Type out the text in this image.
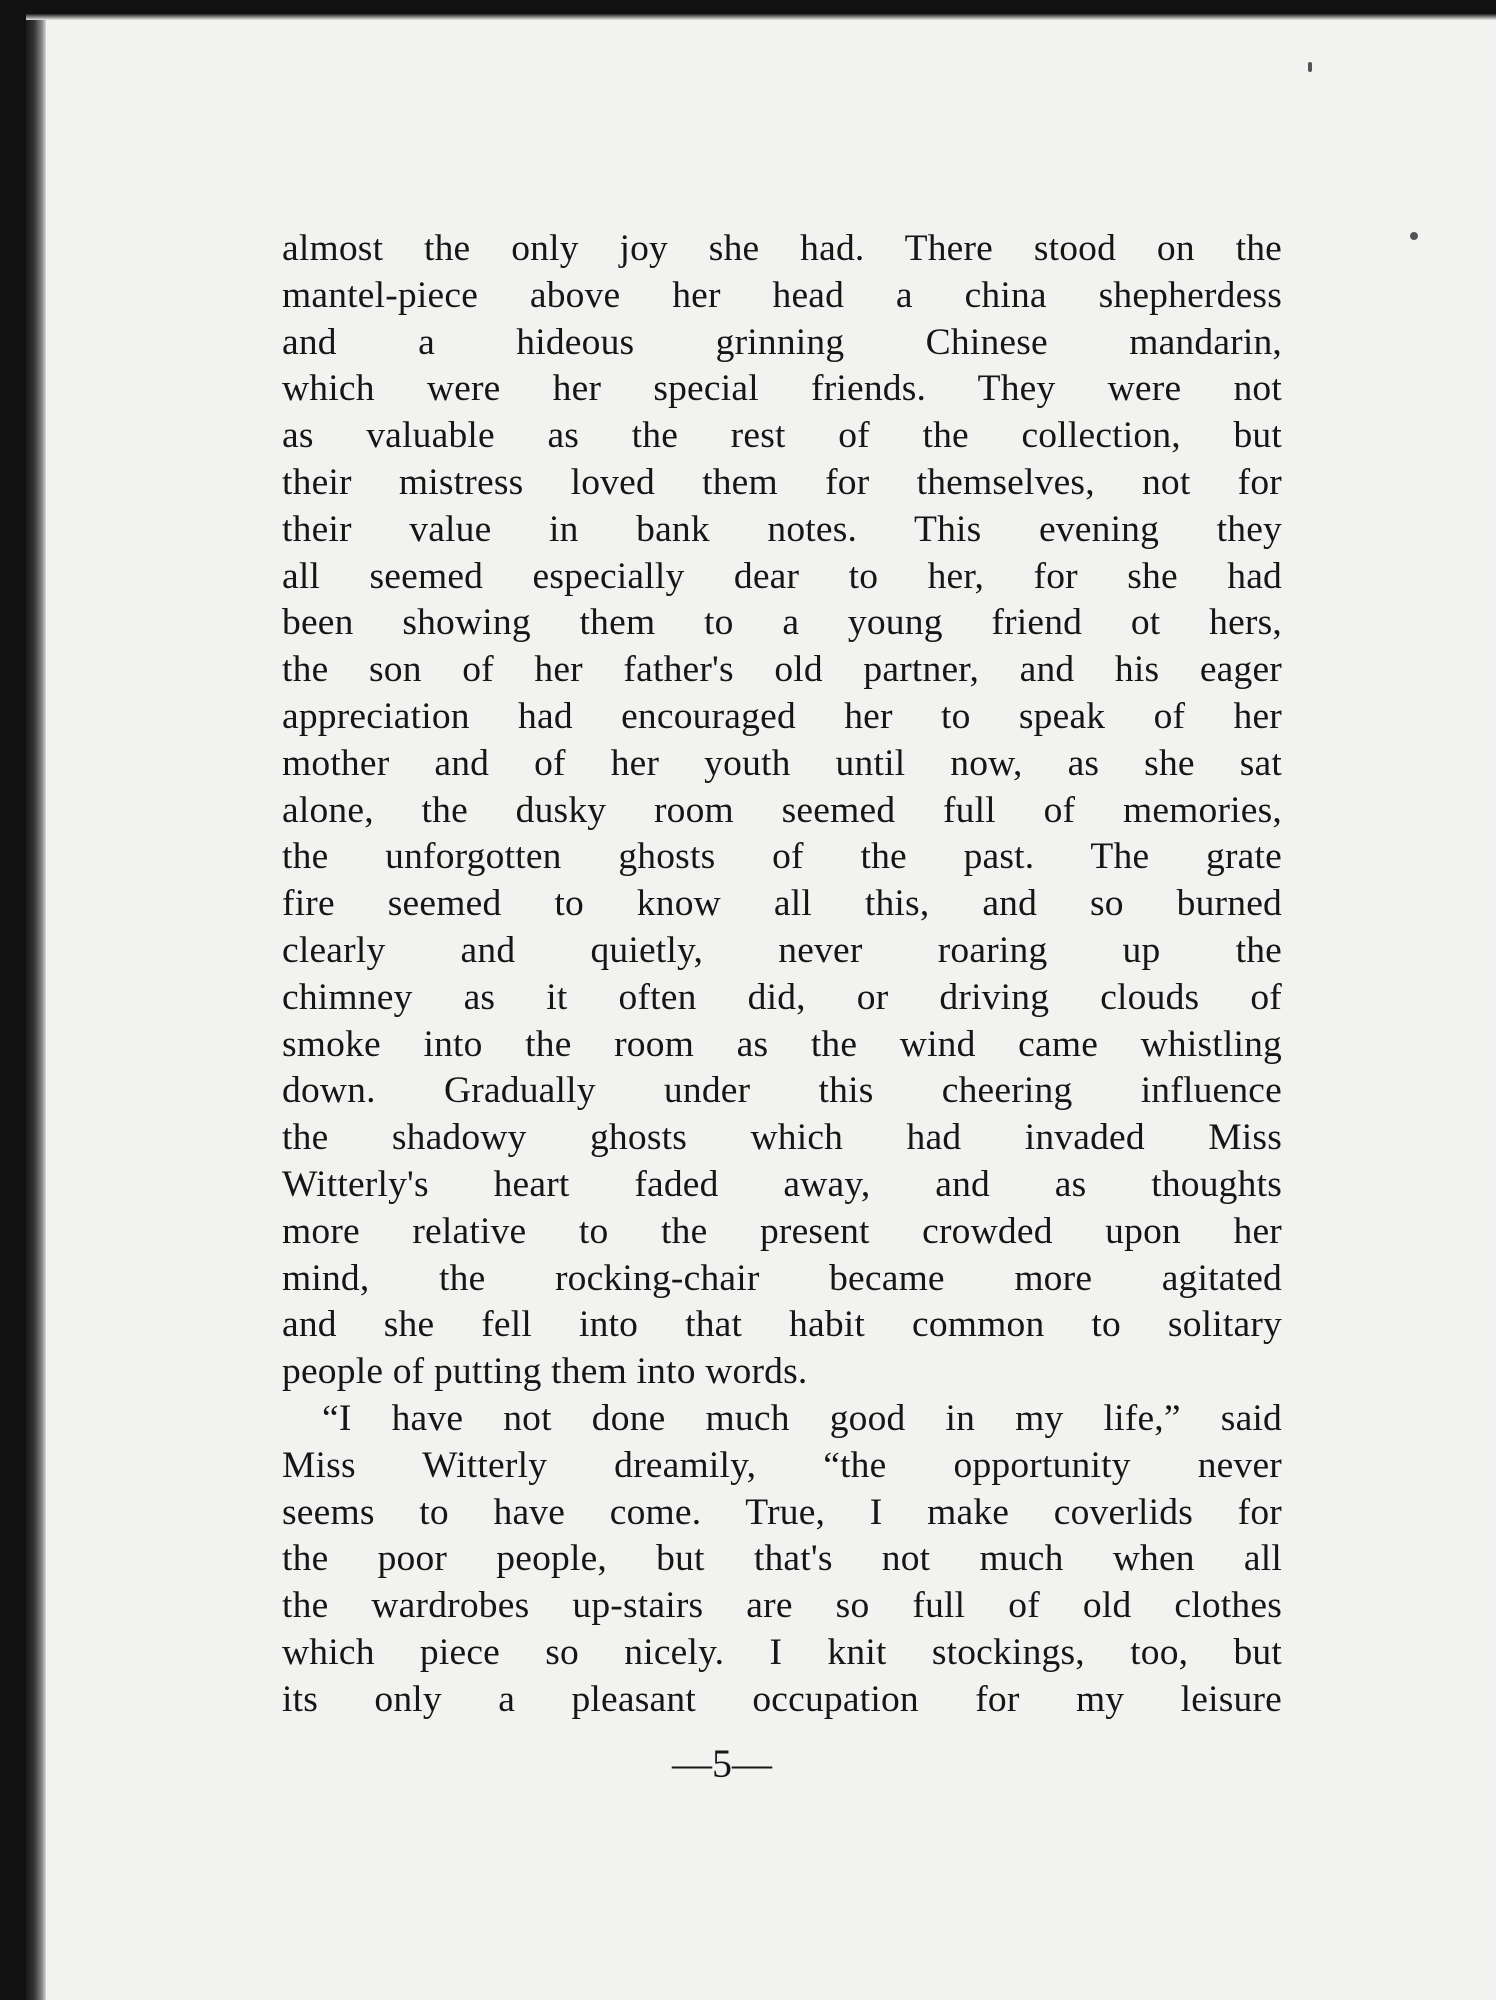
almost the only joy she had. There stood on the
mantel-piece above her head a china shepherdess
and a hideous grinning Chinese mandarin,
which were her special friends. They were not
as valuable as the rest of the collection, but
their mistress loved them for themselves, not for
their value in bank notes. This evening they
all seemed especially dear to her, for she had
been showing them to a young friend ot hers,
the son of her father's old partner, and his eager
appreciation had encouraged her to speak of her
mother and of her youth until now, as she sat
alone, the dusky room seemed full of memories,
the unforgotten ghosts of the past. The grate
fire seemed to know all this, and so burned
clearly and quietly, never roaring up the
chimney as it often did, or driving clouds of
smoke into the room as the wind came whistling
down. Gradually under this cheering influence
the shadowy ghosts which had invaded Miss
Witterly's heart faded away, and as thoughts
more relative to the present crowded upon her
mind, the rocking-chair became more agitated
and she fell into that habit common to solitary
people of putting them into words.
“I have not done much good in my life,” said
Miss Witterly dreamily, “the opportunity never
seems to have come. True, I make coverlids for
the poor people, but that's not much when all
the wardrobes up-stairs are so full of old clothes
which piece so nicely. I knit stockings, too, but
its only a pleasant occupation for my leisure
—5—
